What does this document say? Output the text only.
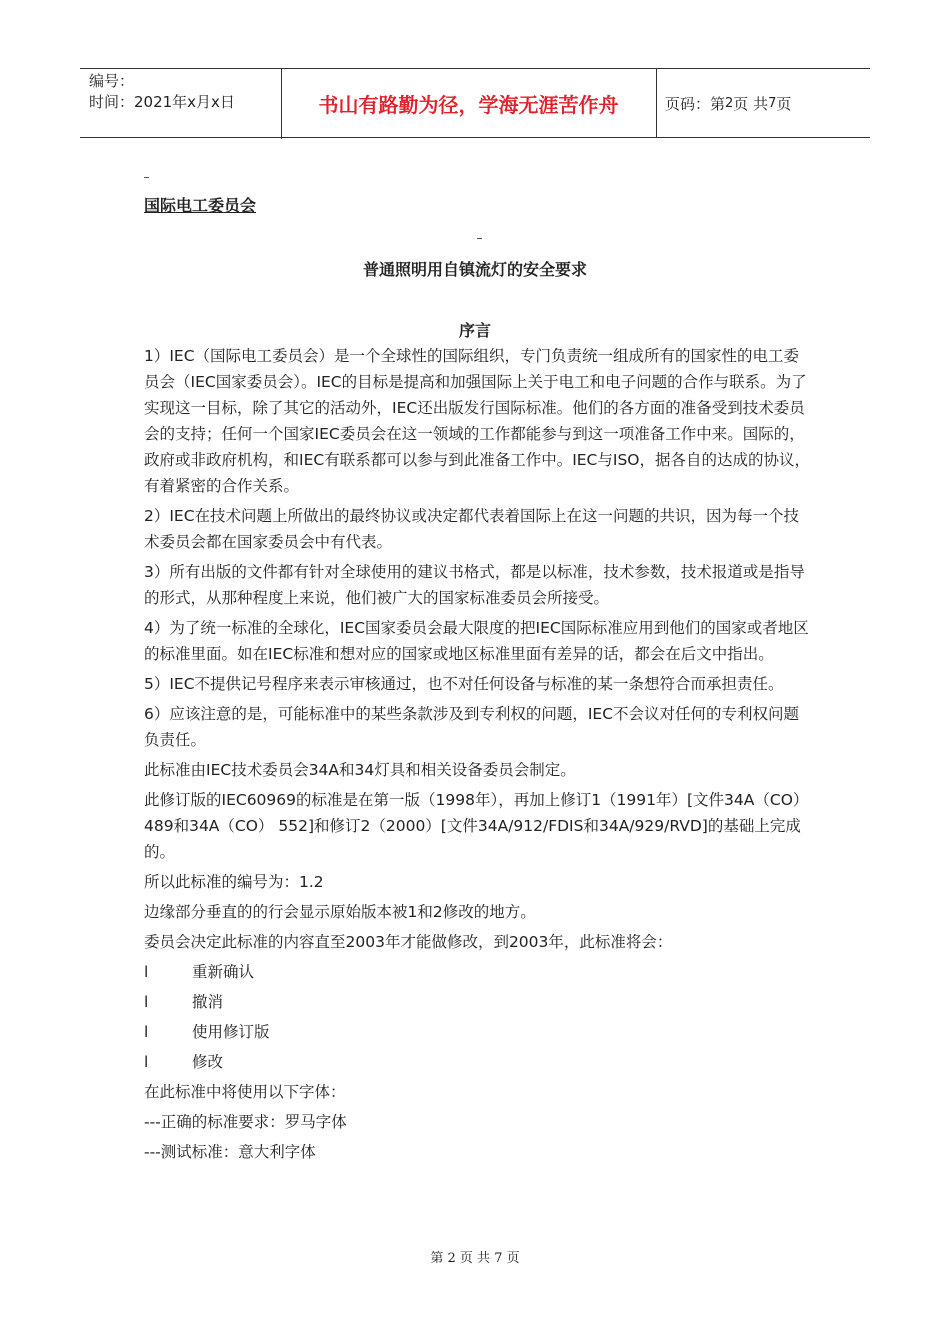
编号：
时间：2021年x月x日	书山有路勤为径，学海无涯苦作舟	页码：第 2 页 共 7 页
国际电工委员会
普通照明用自镇流灯的安全要求
序言

1）IEC（国际电工委员会）是一个全球性的国际组织，专门负责统一组成所有的国家性的电工委员会（IEC国家委员会）。IEC的目标是提高和加强国际上关于电工和电子问题的合作与联系。为了实现这一目标，除了其它的活动外，IEC还出版发行国际标准。他们的各方面的准备受到技术委员会的支持；任何一个国家IEC委员会在这一领域的工作都能参与到这一项准备工作中来。国际的，政府或非政府机构，和IEC有联系都可以参与到此准备工作中。IEC与ISO，据各自的达成的协议，有着紧密的合作关系。

2）IEC在技术问题上所做出的最终协议或决定都代表着国际上在这一问题的共识，因为每一个技术委员会都在国家委员会中有代表。

3）所有出版的文件都有针对全球使用的建议书格式，都是以标准，技术参数，技术报道或是指导的形式，从那种程度上来说，他们被广大的国家标准委员会所接受。

4）为了统一标准的全球化，IEC国家委员会最大限度的把IEC国际标准应用到他们的国家或者地区的标准里面。如在IEC标准和想对应的国家或地区标准里面有差异的话，都会在后文中指出。

5）IEC不提供记号程序来表示审核通过，也不对任何设备与标准的某一条想符合而承担责任。

6）应该注意的是，可能标准中的某些条款涉及到专利权的问题，IEC不会议对任何的专利权问题负责任。

此标准由IEC技术委员会34A和34灯具和相关设备委员会制定。

此修订版的IEC60969的标准是在第一版（1998年），再加上修订1（1991年）[文件34A（CO）489和34A（CO） 552]和修订2（2000）[文件34A/912/FDIS和34A/929/RVD]的基础上完成的。

所以此标准的编号为：1.2

边缘部分垂直的的行会显示原始版本被1和2修改的地方。

委员会决定此标准的内容直至2003年才能做修改，到2003年，此标准将会：

l	重新确认
l	撤消
l	使用修订版
l	修改

在此标准中将使用以下字体：

---正确的标准要求：罗马字体

---测试标准：意大利字体

第 2 页 共 7 页
